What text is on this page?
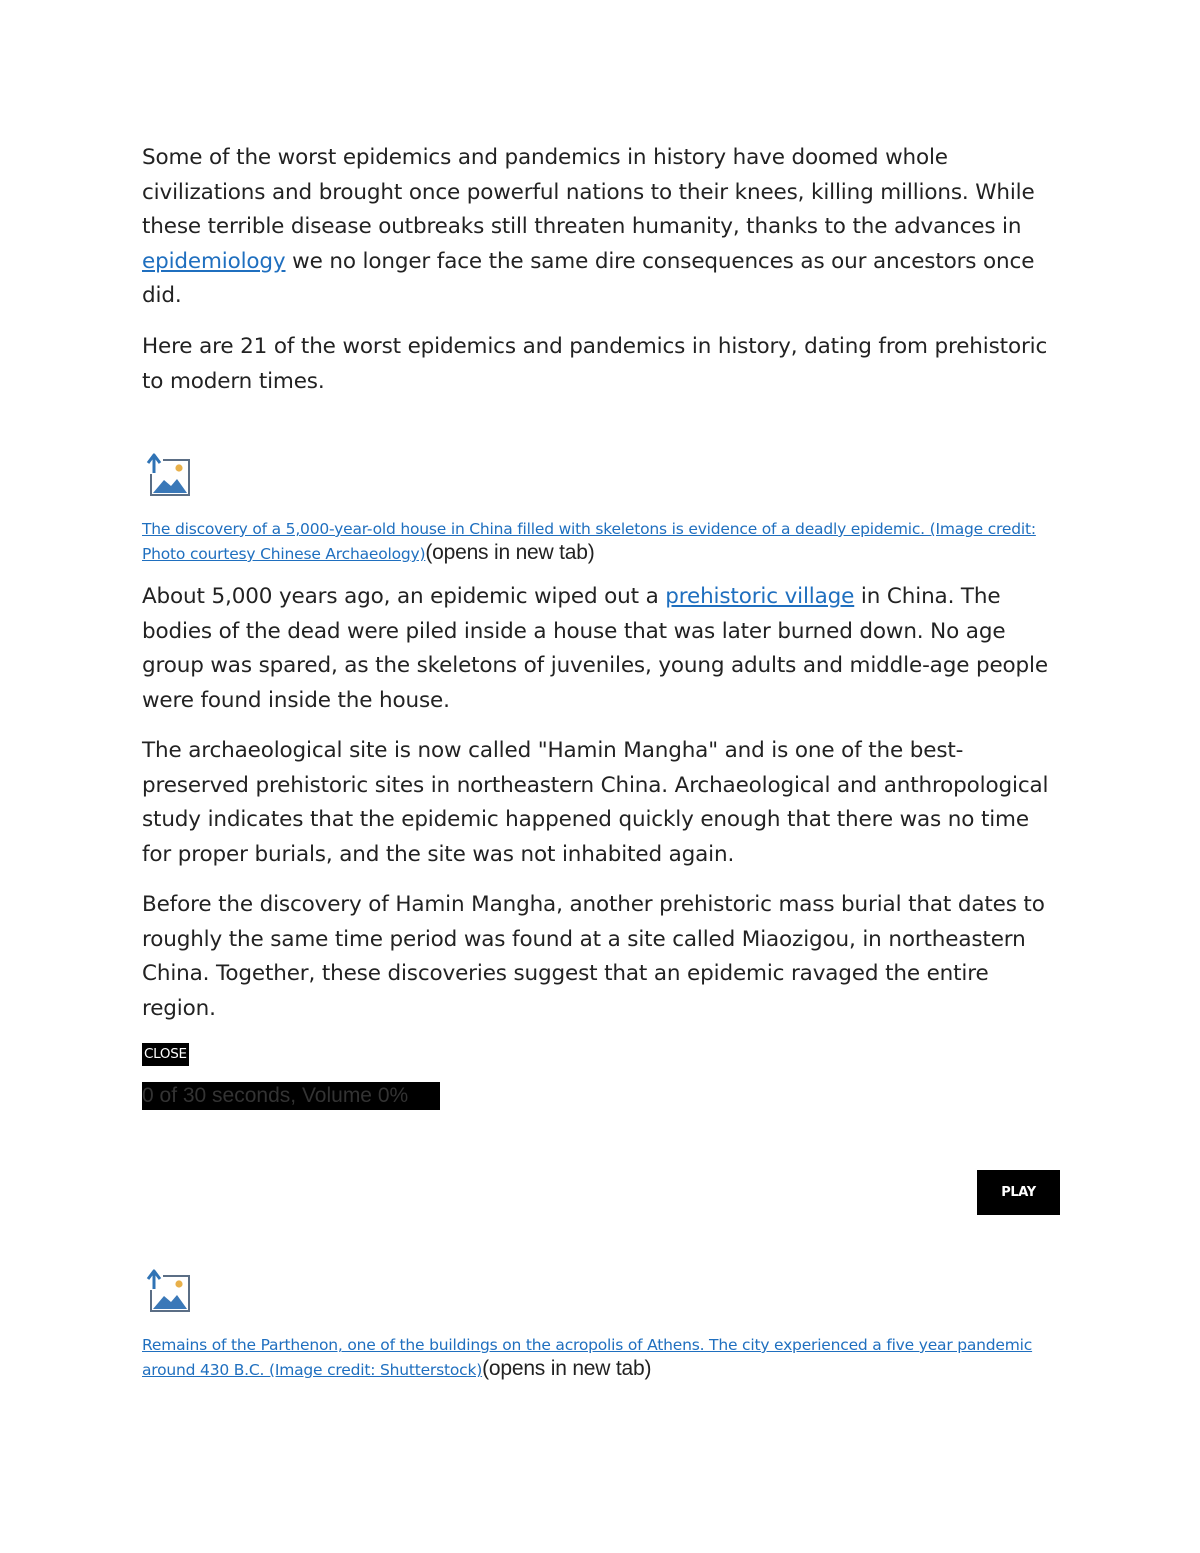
Some of the worst epidemics and pandemics in history have doomed whole civilizations and brought once powerful nations to their knees, killing millions. While these terrible disease outbreaks still threaten humanity, thanks to the advances in epidemiology we no longer face the same dire consequences as our ancestors once did.

Here are 21 of the worst epidemics and pandemics in history, dating from prehistoric to modern times.

The discovery of a 5,000-year-old house in China filled with skeletons is evidence of a deadly epidemic. (Image credit: Photo courtesy Chinese Archaeology)(opens in new tab)

About 5,000 years ago, an epidemic wiped out a prehistoric village in China. The bodies of the dead were piled inside a house that was later burned down. No age group was spared, as the skeletons of juveniles, young adults and middle-age people were found inside the house.

The archaeological site is now called "Hamin Mangha" and is one of the best-preserved prehistoric sites in northeastern China. Archaeological and anthropological study indicates that the epidemic happened quickly enough that there was no time for proper burials, and the site was not inhabited again.

Before the discovery of Hamin Mangha, another prehistoric mass burial that dates to roughly the same time period was found at a site called Miaozigou, in northeastern China. Together, these discoveries suggest that an epidemic ravaged the entire region.

CLOSE
0 of 30 seconds, Volume 0%
PLAY SOUND
Remains of the Parthenon, one of the buildings on the acropolis of Athens. The city experienced a five year pandemic around 430 B.C. (Image credit: Shutterstock)(opens in new tab)
